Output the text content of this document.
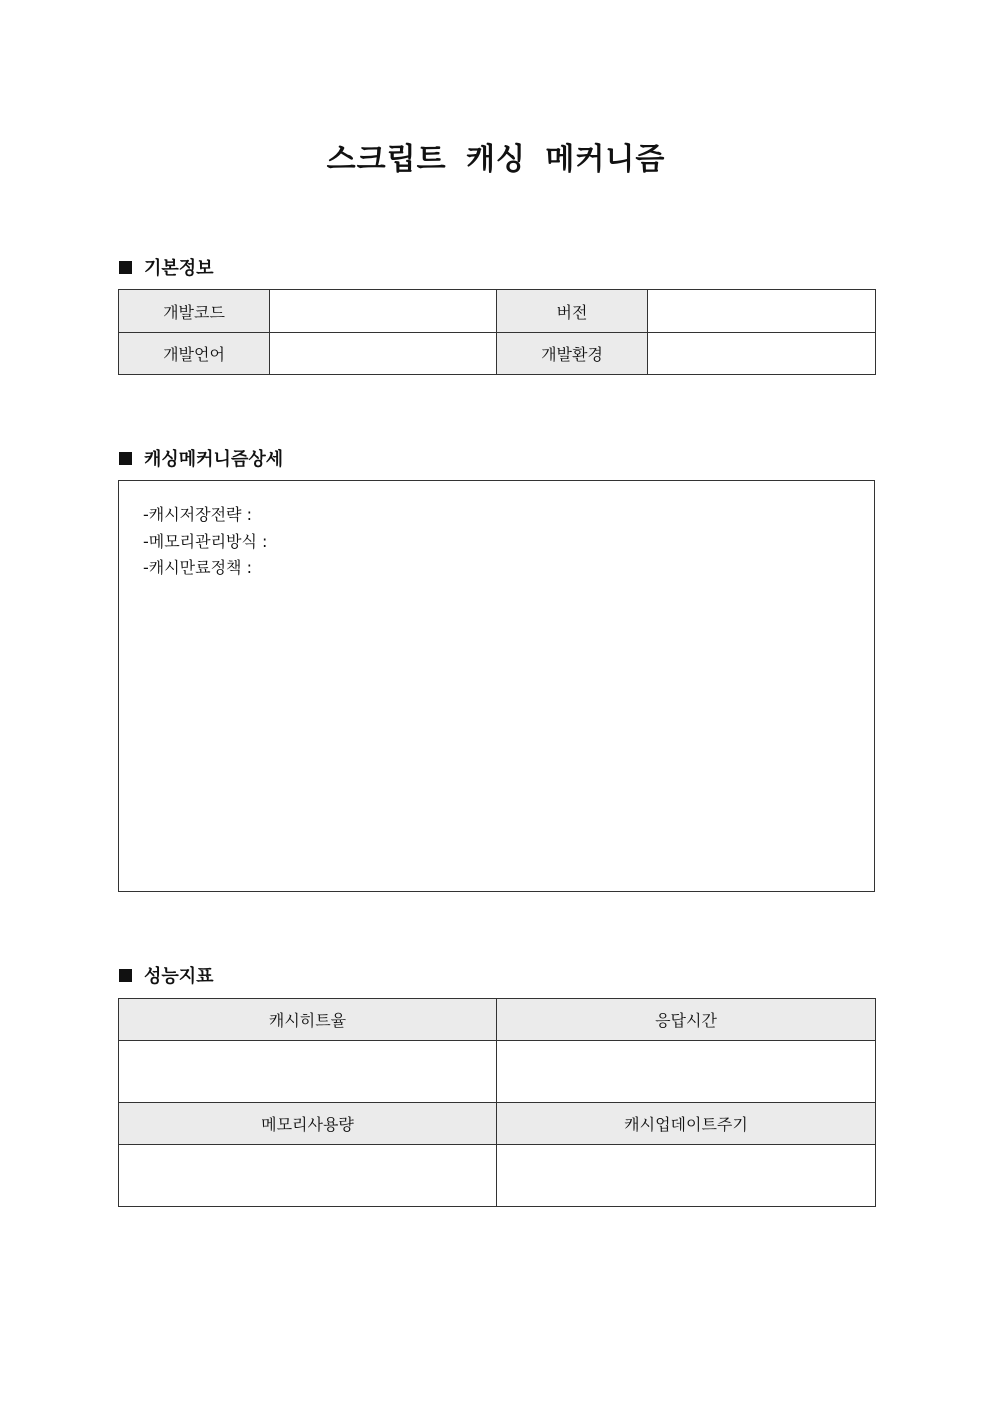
스크립트 캐싱 메커니즘
기본정보
개발코드		버전	
개발언어		개발환경	
캐싱메커니즘상세
-캐시저장전략 :
-메모리관리방식 :
-캐시만료정책 :
성능지표
캐시히트율	응답시간

메모리사용량	캐시업데이트주기
